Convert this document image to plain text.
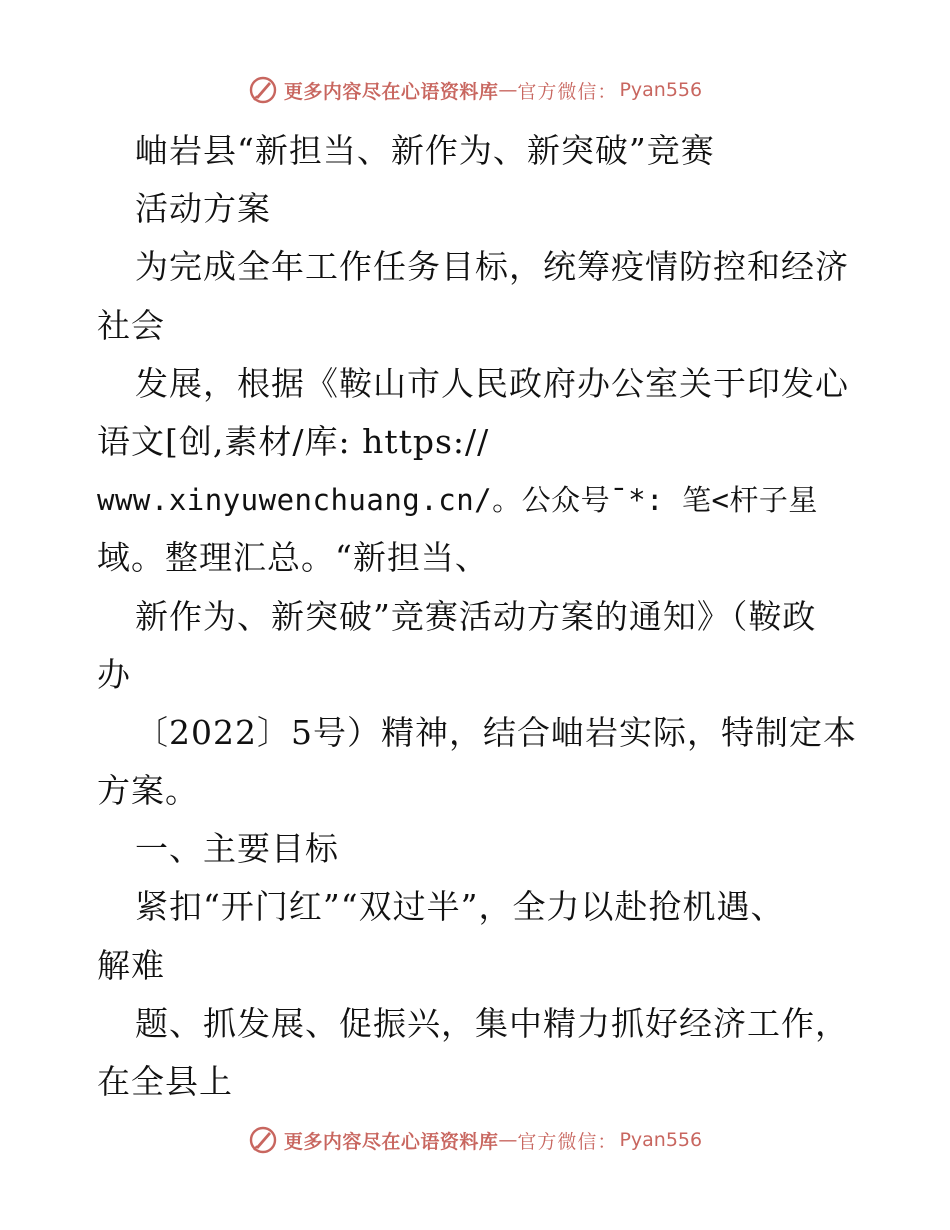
更多内容尽在心语资料库 — 官方微信： Pyan556
岫岩县“新担当、新作为、新突破”竞赛
活动方案
为完成全年工作任务目标，统筹疫情防控和经济
社会
发展，根据《鞍山市人民政府办公室关于印发心
语文[创,素材/库: https://
www.xinyuwenchuang.cn/。公众号¯*: 笔<杆子星
域。整理汇总。“新担当、
新作为、新突破”竞赛活动方案的通知》（鞍政
办
〔2022〕5号）精神，结合岫岩实际，特制定本
方案。
一、主要目标
紧扣“开门红”“双过半”，全力以赴抢机遇、
解难
题、抓发展、促振兴，集中精力抓好经济工作，
在全县上
更多内容尽在心语资料库 — 官方微信： Pyan556
